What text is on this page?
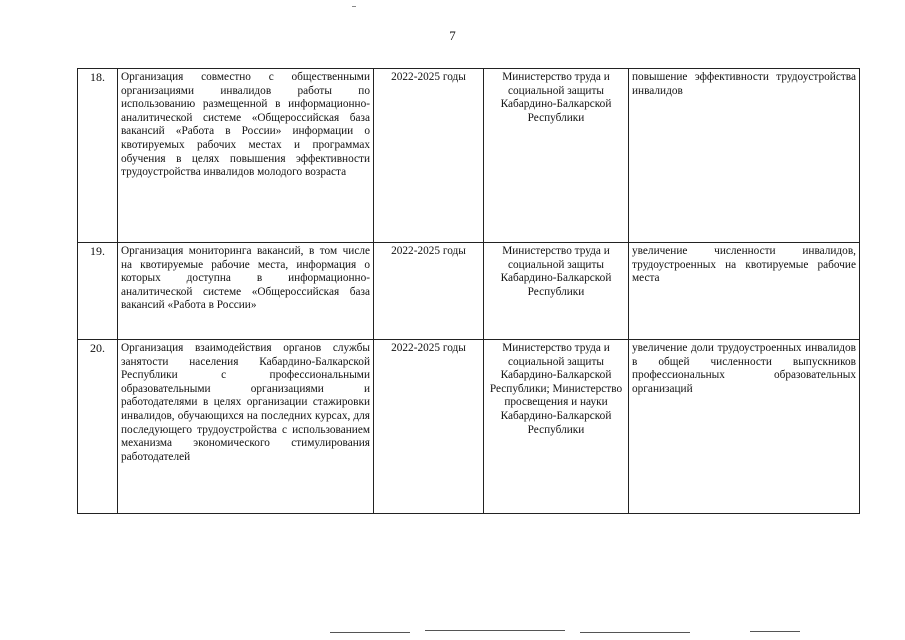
7
18.	Организация совместно с общественными организациями инвалидов работы по использованию размещенной в информационно-аналитической системе «Общероссийская база вакансий «Работа в России» информации о квотируемых рабочих местах и программах обучения в целях повышения эффективности трудоустройства инвалидов молодого возраста	2022-2025 годы	Министерство труда и социальной защиты Кабардино-Балкарской Республики	повышение эффективности трудоустройства инвалидов
19.	Организация мониторинга вакансий, в том числе на квотируемые рабочие места, информация о которых доступна в информационно-аналитической системе «Общероссийская база вакансий «Работа в России»	2022-2025 годы	Министерство труда и социальной защиты Кабардино-Балкарской Республики	увеличение численности инвалидов, трудоустроенных на квотируемые рабочие места
20.	Организация взаимодействия органов службы занятости населения Кабардино-Балкарской Республики с профессиональными образовательными организациями и работодателями в целях организации стажировки инвалидов, обучающихся на последних курсах, для последующего трудоустройства с использованием механизма экономического стимулирования работодателей	2022-2025 годы	Министерство труда и социальной защиты Кабардино-Балкарской Республики; Министерство просвещения и науки Кабардино-Балкарской Республики	увеличение доли трудоустроенных инвалидов в общей численности выпускников профессиональных образовательных организаций
